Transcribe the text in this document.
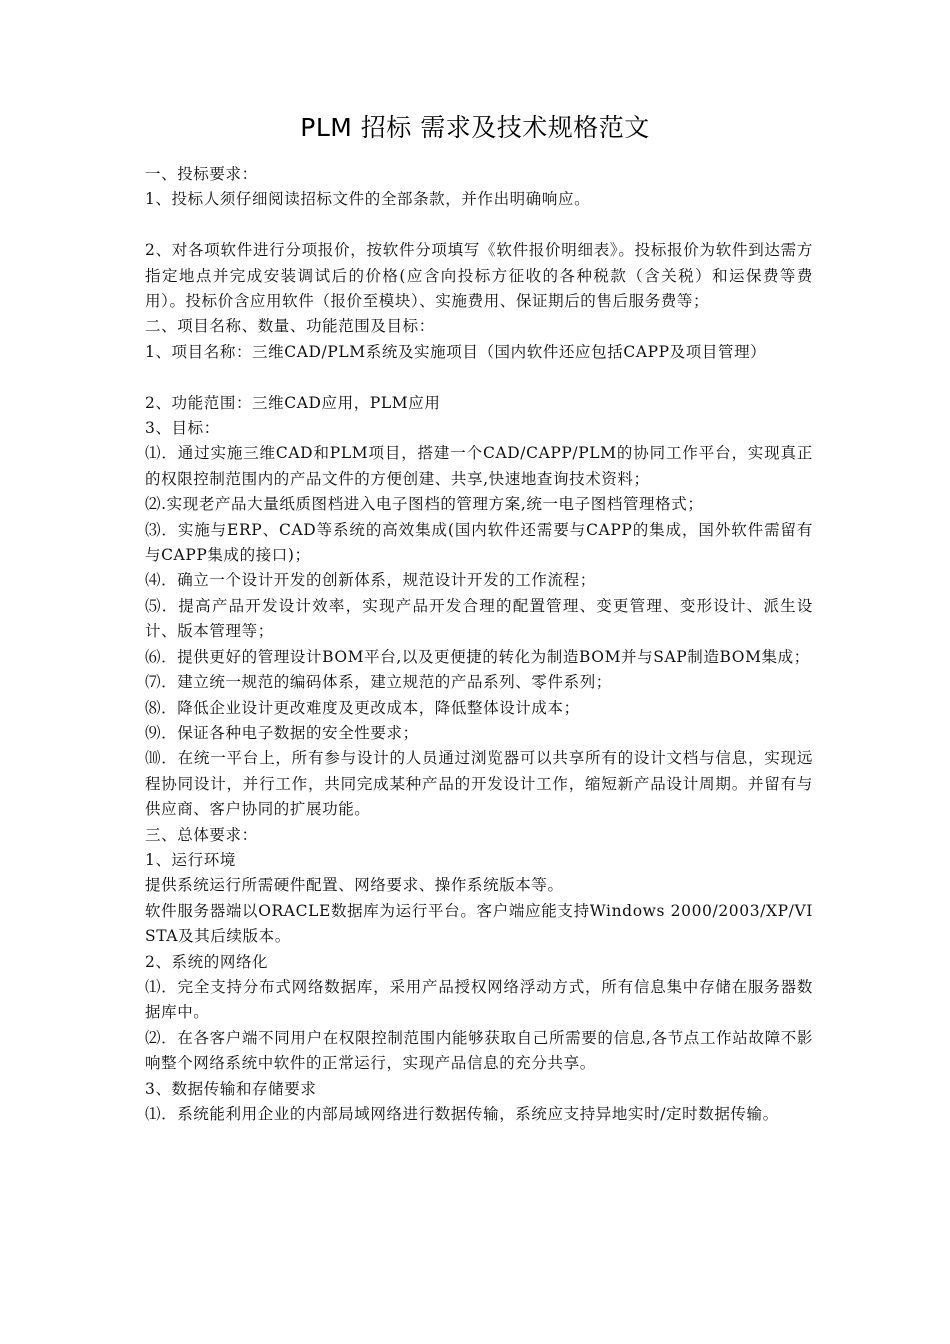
PLM 招标 需求及技术规格范文

一、投标要求：

1、投标人须仔细阅读招标文件的全部条款，并作出明确响应。

2、对各项软件进行分项报价，按软件分项填写《软件报价明细表》。投标报价为软件到达需方指定地点并完成安装调试后的价格(应含向投标方征收的各种税款（含关税）和运保费等费用）。投标价含应用软件（报价至模块）、实施费用、保证期后的售后服务费等；

二、项目名称、数量、功能范围及目标：

1、项目名称：三维CAD/PLM系统及实施项目（国内软件还应包括CAPP及项目管理）

2、功能范围：三维CAD应用，PLM应用

3、目标：

⑴．通过实施三维CAD和PLM项目，搭建一个CAD/CAPP/PLM的协同工作平台，实现真正的权限控制范围内的产品文件的方便创建、共享,快速地查询技术资料；

⑵.实现老产品大量纸质图档进入电子图档的管理方案,统一电子图档管理格式；

⑶．实施与ERP、CAD等系统的高效集成(国内软件还需要与CAPP的集成，国外软件需留有与CAPP集成的接口)；

⑷．确立一个设计开发的创新体系，规范设计开发的工作流程；

⑸．提高产品开发设计效率，实现产品开发合理的配置管理、变更管理、变形设计、派生设计、版本管理等；

⑹．提供更好的管理设计BOM平台,以及更便捷的转化为制造BOM并与SAP制造BOM集成；

⑺．建立统一规范的编码体系，建立规范的产品系列、零件系列；

⑻．降低企业设计更改难度及更改成本，降低整体设计成本；

⑼．保证各种电子数据的安全性要求；

⑽．在统一平台上，所有参与设计的人员通过浏览器可以共享所有的设计文档与信息，实现远程协同设计，并行工作，共同完成某种产品的开发设计工作，缩短新产品设计周期。并留有与供应商、客户协同的扩展功能。

三、总体要求：

1、运行环境

提供系统运行所需硬件配置、网络要求、操作系统版本等。

软件服务器端以ORACLE数据库为运行平台。客户端应能支持Windows 2000/2003/XP/VISTA及其后续版本。

2、系统的网络化

⑴．完全支持分布式网络数据库，采用产品授权网络浮动方式，所有信息集中存储在服务器数据库中。

⑵．在各客户端不同用户在权限控制范围内能够获取自己所需要的信息,各节点工作站故障不影响整个网络系统中软件的正常运行，实现产品信息的充分共享。

3、数据传输和存储要求

⑴．系统能利用企业的内部局域网络进行数据传输，系统应支持异地实时/定时数据传输。
